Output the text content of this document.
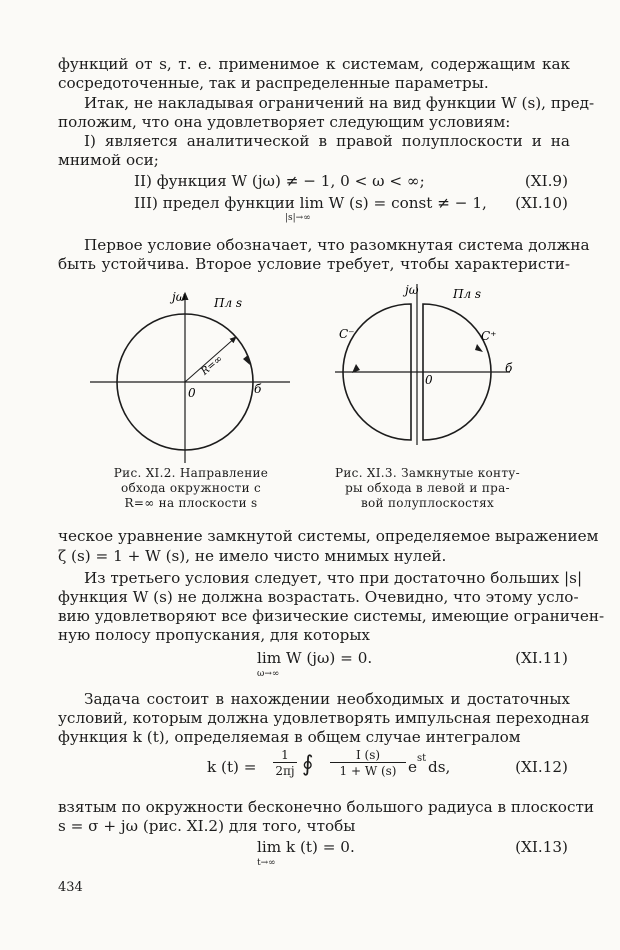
функций от s, т. е. применимое к системам, содержащим как
сосредоточенные, так и распределенные параметры.
Итак, не накладывая ограничений на вид функции W (s), пред-
положим, что она удовлетворяет следующим условиям:
I) является аналитической в правой полуплоскости и на
мнимой оси;
II) функция W (jω) ≠ − 1, 0 < ω < ∞;	(XI.9)
III) предел функции lim W (s) = const ≠ − 1,
|s|→∞
(XI.10)
Первое условие обозначает, что разомкнутая система должна
быть устойчива. Второе условие требует, чтобы характеристи-
jω Пл s
R=∞
0	б
jω	Пл s
C⁻	C⁺
0
б
Рис. XI.2. Направление
обхода окружности с
R=∞ на плоскости s
Рис. XI.3. Замкнутые конту-
ры обхода в левой и пра-
вой полуплоскостях
ческое уравнение замкнутой системы, определяемое выражением
ζ (s) = 1 + W (s), не имело чисто мнимых нулей.
Из третьего условия следует, что при достаточно больших |s|
функция W (s) не должна возрастать. Очевидно, что этому усло-
вию удовлетворяют все физические системы, имеющие ограничен-
ную полосу пропускания, для которых
lim W (jω) = 0.
ω→∞
(XI.11)
Задача состоит в нахождении необходимых и достаточных
условий, которым должна удовлетворять импульсная переходная
функция k (t), определяемая в общем случае интегралом
k (t) =
1
2πj ∮	I (s)
1 + W (s) e st ds,	(XI.12)
взятым по окружности бесконечно большого радиуса в плоскости
s = σ + jω (рис. XI.2) для того, чтобы
lim k (t) = 0.
t→∞
(XI.13)
434
